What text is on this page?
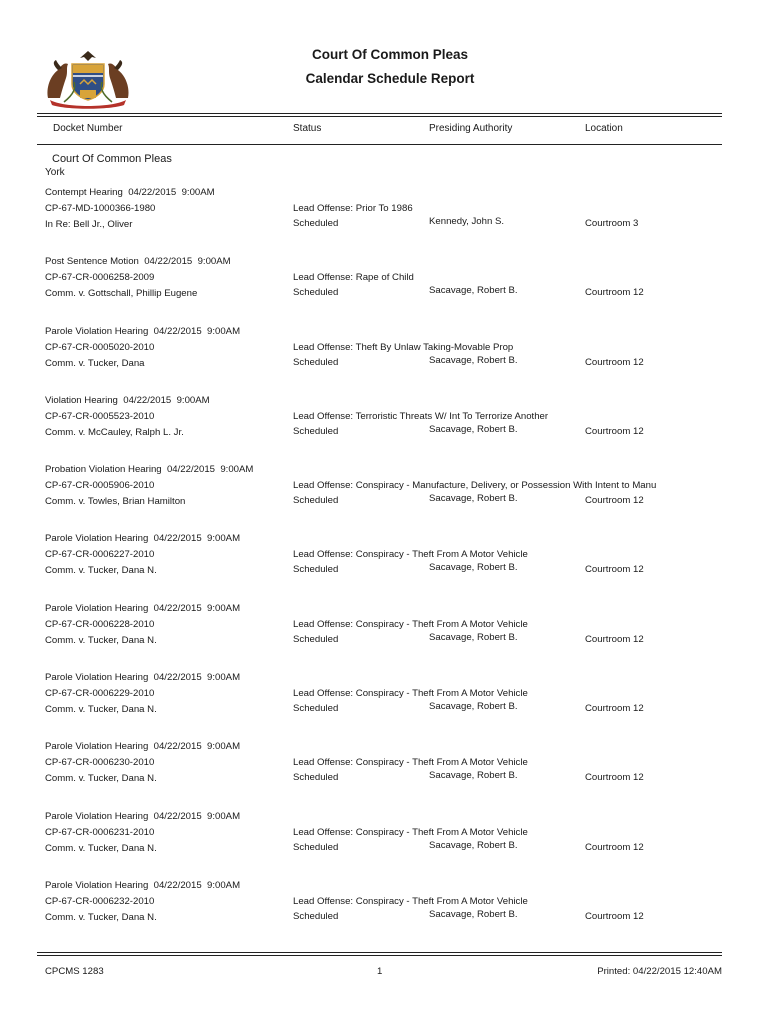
Court Of Common Pleas
Calendar Schedule Report
Docket Number	Status	Presiding Authority	Location
Court Of Common Pleas
York
Contempt Hearing 04/22/2015 9:00AM
CP-67-MD-1000366-1980
In Re: Bell Jr., Oliver
Lead Offense: Prior To 1986
Scheduled	Kennedy, John S.	Courtroom 3
Post Sentence Motion 04/22/2015 9:00AM
CP-67-CR-0006258-2009
Comm. v. Gottschall, Phillip Eugene
Lead Offense: Rape of Child
Scheduled	Sacavage, Robert B.	Courtroom 12
Parole Violation Hearing 04/22/2015 9:00AM
CP-67-CR-0005020-2010
Comm. v. Tucker, Dana
Lead Offense: Theft By Unlaw Taking-Movable Prop
Scheduled	Sacavage, Robert B.	Courtroom 12
Violation Hearing 04/22/2015 9:00AM
CP-67-CR-0005523-2010
Comm. v. McCauley, Ralph L. Jr.
Lead Offense: Terroristic Threats W/ Int To Terrorize Another
Scheduled	Sacavage, Robert B.	Courtroom 12
Probation Violation Hearing 04/22/2015 9:00AM
CP-67-CR-0005906-2010
Comm. v. Towles, Brian Hamilton
Lead Offense: Conspiracy - Manufacture, Delivery, or Possession With Intent to Manu
Scheduled	Sacavage, Robert B.	Courtroom 12
Parole Violation Hearing 04/22/2015 9:00AM
CP-67-CR-0006227-2010
Comm. v. Tucker, Dana N.
Lead Offense: Conspiracy - Theft From A Motor Vehicle
Scheduled	Sacavage, Robert B.	Courtroom 12
Parole Violation Hearing 04/22/2015 9:00AM
CP-67-CR-0006228-2010
Comm. v. Tucker, Dana N.
Lead Offense: Conspiracy - Theft From A Motor Vehicle
Scheduled	Sacavage, Robert B.	Courtroom 12
Parole Violation Hearing 04/22/2015 9:00AM
CP-67-CR-0006229-2010
Comm. v. Tucker, Dana N.
Lead Offense: Conspiracy - Theft From A Motor Vehicle
Scheduled	Sacavage, Robert B.	Courtroom 12
Parole Violation Hearing 04/22/2015 9:00AM
CP-67-CR-0006230-2010
Comm. v. Tucker, Dana N.
Lead Offense: Conspiracy - Theft From A Motor Vehicle
Scheduled	Sacavage, Robert B.	Courtroom 12
Parole Violation Hearing 04/22/2015 9:00AM
CP-67-CR-0006231-2010
Comm. v. Tucker, Dana N.
Lead Offense: Conspiracy - Theft From A Motor Vehicle
Scheduled	Sacavage, Robert B.	Courtroom 12
Parole Violation Hearing 04/22/2015 9:00AM
CP-67-CR-0006232-2010
Comm. v. Tucker, Dana N.
Lead Offense: Conspiracy - Theft From A Motor Vehicle
Scheduled	Sacavage, Robert B.	Courtroom 12
CPCMS 1283	1	Printed: 04/22/2015 12:40AM
